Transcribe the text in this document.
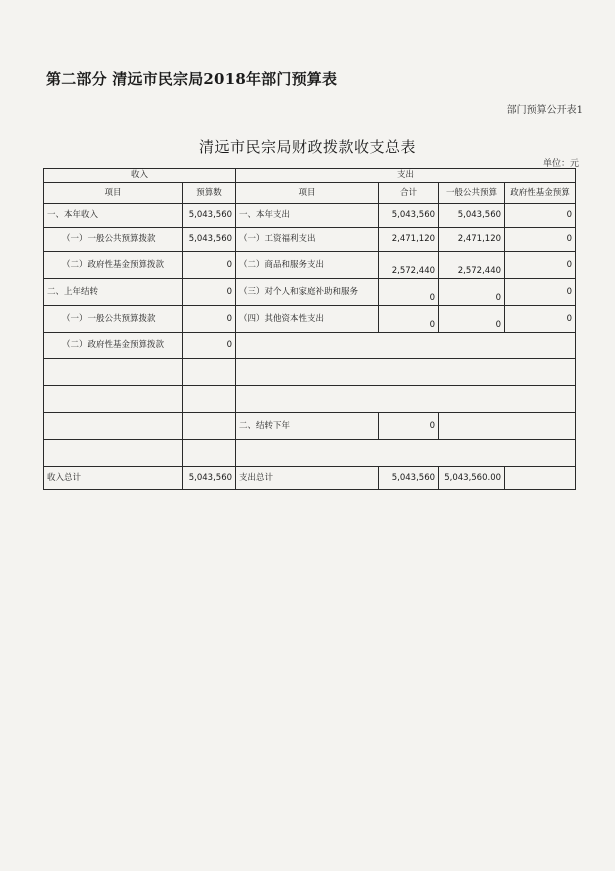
第二部分 清远市民宗局2018年部门预算表
部门预算公开表1
清远市民宗局财政拨款收支总表
单位：元
收入		支出			
项目	预算数	项目	合计	一般公共预算	政府性基金预算
一、本年收入	5,043,560	一、本年支出	5,043,560	5,043,560	0
（一）一般公共预算拨款	5,043,560	（一）工资福利支出	2,471,120	2,471,120	0
（二）政府性基金预算拨款	0	（二）商品和服务支出	2,572,440	2,572,440	0
二、上年结转	0	（三）对个人和家庭补助和服务	0	0	0
（一）一般公共预算拨款	0	（四）其他资本性支出	0	0	0
（二）政府性基金预算拨款	0				

		二、结转下年	0		

收入总计	5,043,560	支出总计	5,043,560	5,043,560.00	
